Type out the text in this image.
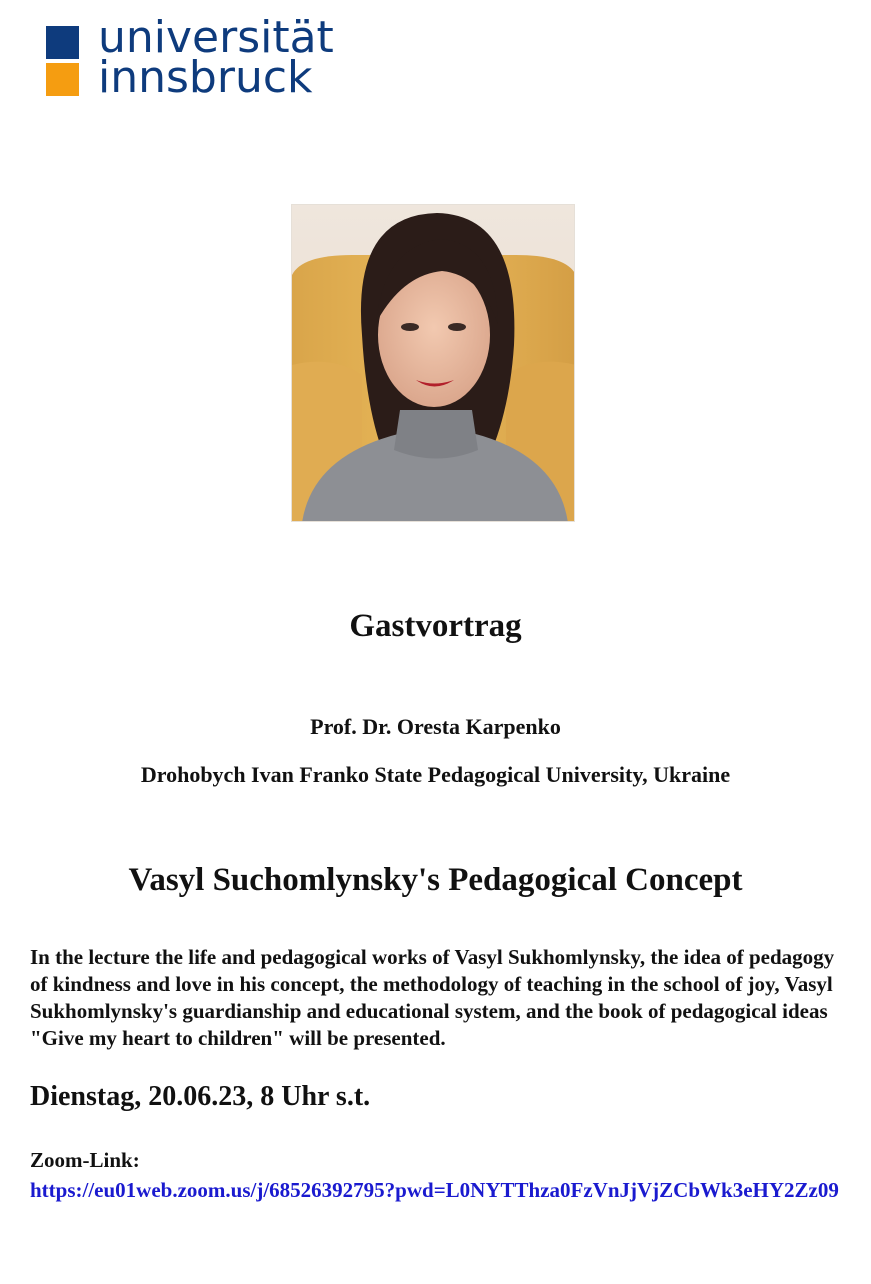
universität
innsbruck
Gastvortrag
Prof. Dr. Oresta Karpenko
Drohobych Ivan Franko State Pedagogical University, Ukraine
Vasyl Suchomlynsky's Pedagogical Concept
In the lecture the life and pedagogical works of Vasyl Sukhomlynsky, the idea of pedagogy of kindness and love in his concept, the methodology of teaching in the school of joy, Vasyl Sukhomlynsky's guardianship and educational system, and the book of pedagogical ideas "Give my heart to children" will be presented.
Dienstag, 20.06.23, 8 Uhr s.t.
Zoom-Link:
https://eu01web.zoom.us/j/68526392795?pwd=L0NYTThza0FzVnJjVjZCbWk3eHY2Zz09
